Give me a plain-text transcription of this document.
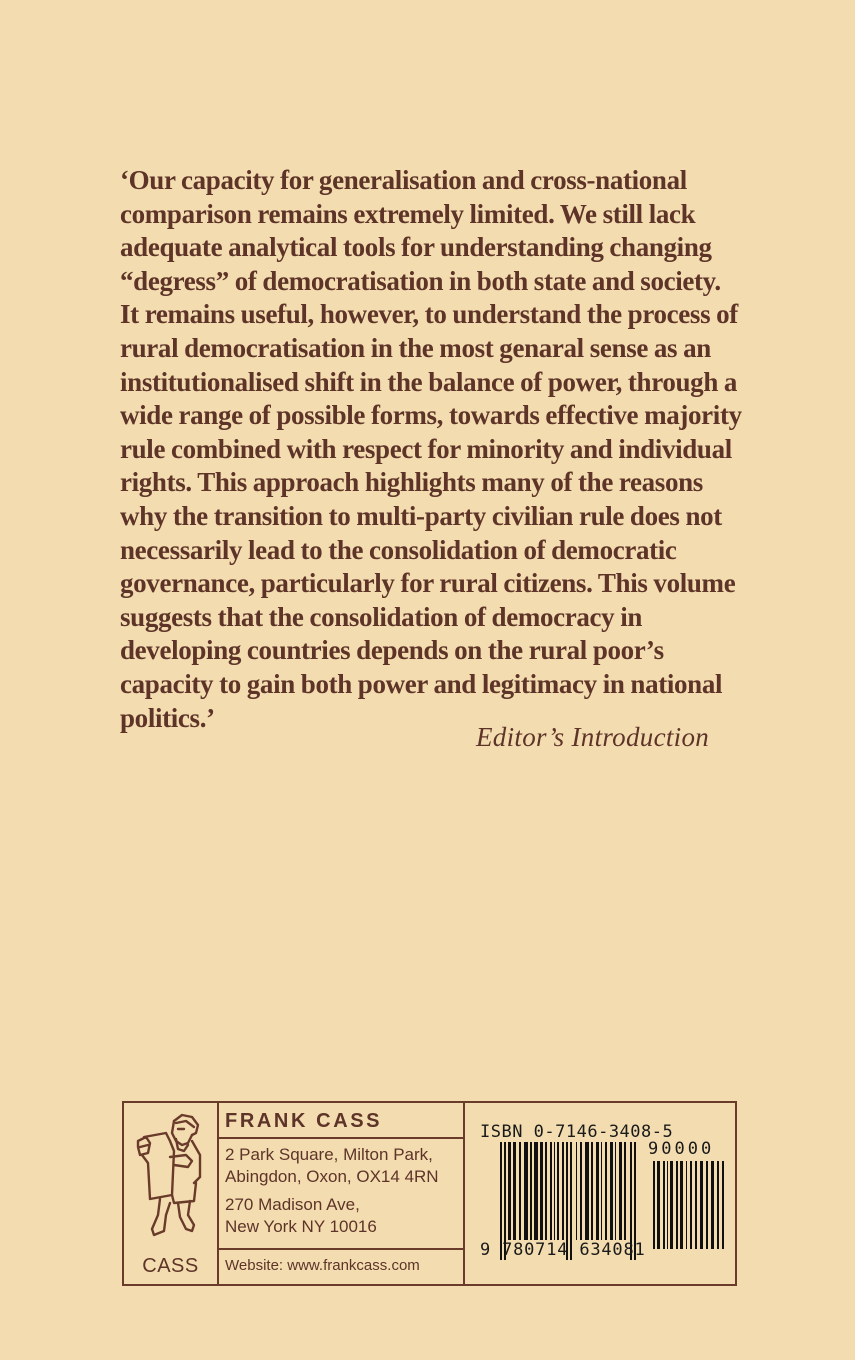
‘Our capacity for generalisation and cross-national
comparison remains extremely limited. We still lack
adequate analytical tools for understanding changing
“degress” of democratisation in both state and society.
It remains useful, however, to understand the process of
rural democratisation in the most genaral sense as an
institutionalised shift in the balance of power, through a
wide range of possible forms, towards effective majority
rule combined with respect for minority and individual
rights. This approach highlights many of the reasons
why the transition to multi-party civilian rule does not
necessarily lead to the consolidation of democratic
governance, particularly for rural citizens. This volume
suggests that the consolidation of democracy in
developing countries depends on the rural poor’s
capacity to gain both power and legitimacy in national
politics.’
Editor’s Introduction
CASS
FRANK CASS
2 Park Square, Milton Park,
Abingdon, Oxon, OX14 4RN
270 Madison Ave,
New York NY 10016
Website: www.frankcass.com
ISBN 0-7146-3408-5
90000
9 780714 634081
